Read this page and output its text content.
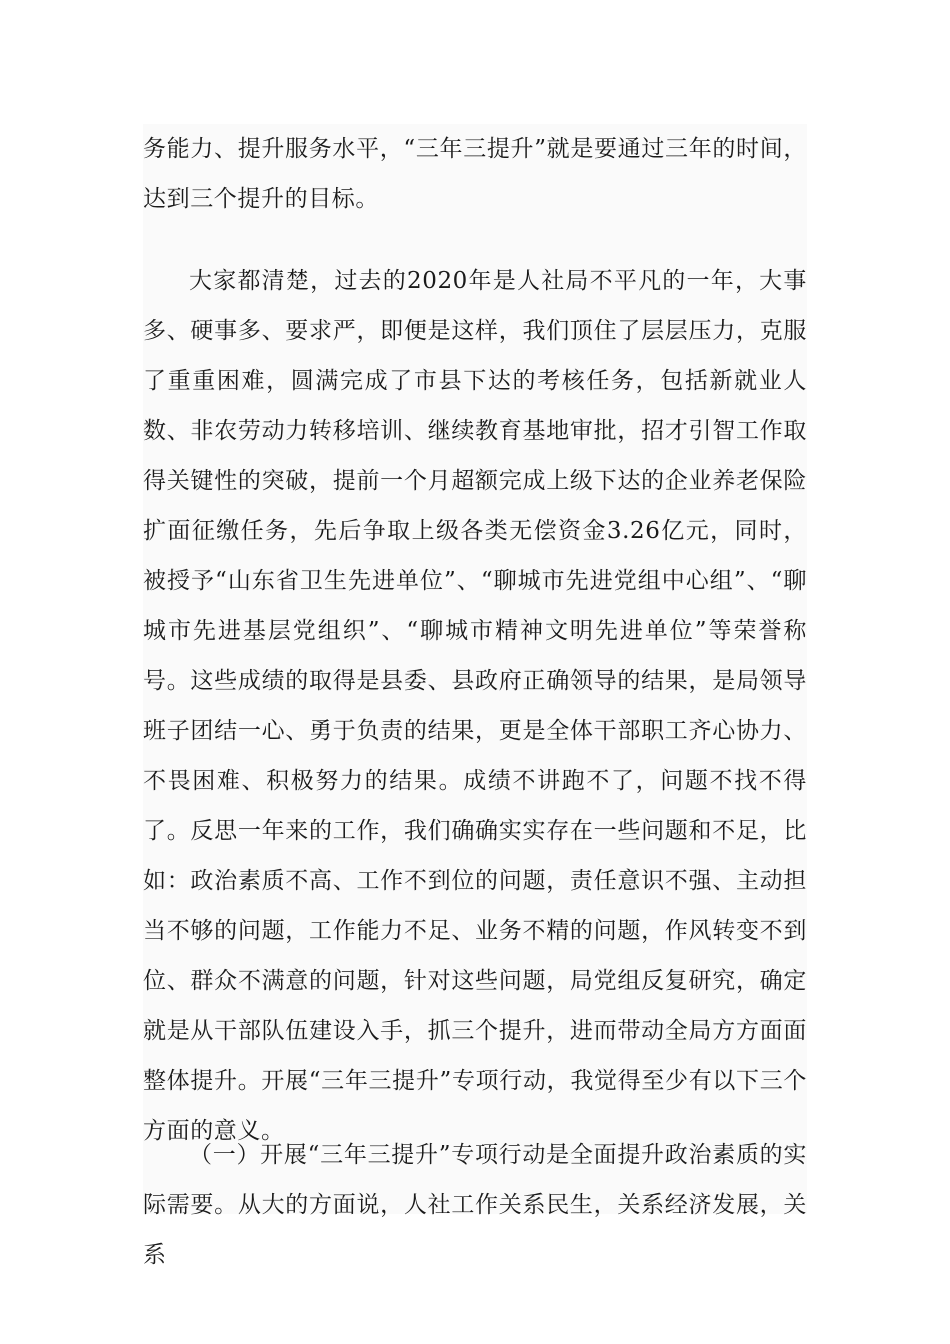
务能力、提升服务水平，“三年三提升”就是要通过三年的时间，达到三个提升的目标。

大家都清楚，过去的2020年是人社局不平凡的一年，大事多、硬事多、要求严，即便是这样，我们顶住了层层压力，克服了重重困难，圆满完成了市县下达的考核任务，包括新就业人数、非农劳动力转移培训、继续教育基地审批，招才引智工作取得关键性的突破，提前一个月超额完成上级下达的企业养老保险扩面征缴任务，先后争取上级各类无偿资金3.26亿元，同时，被授予“山东省卫生先进单位”、“聊城市先进党组中心组”、“聊城市先进基层党组织”、“聊城市精神文明先进单位”等荣誉称号。这些成绩的取得是县委、县政府正确领导的结果，是局领导班子团结一心、勇于负责的结果，更是全体干部职工齐心协力、不畏困难、积极努力的结果。成绩不讲跑不了，问题不找不得了。反思一年来的工作，我们确确实实存在一些问题和不足，比如：政治素质不高、工作不到位的问题，责任意识不强、主动担当不够的问题，工作能力不足、业务不精的问题，作风转变不到位、群众不满意的问题，针对这些问题，局党组反复研究，确定就是从干部队伍建设入手，抓三个提升，进而带动全局方方面面整体提升。开展“三年三提升”专项行动，我觉得至少有以下三个方面的意义。

（一）开展“三年三提升”专项行动是全面提升政治素质的实际需要。从大的方面说，人社工作关系民生，关系经济发展，关系
